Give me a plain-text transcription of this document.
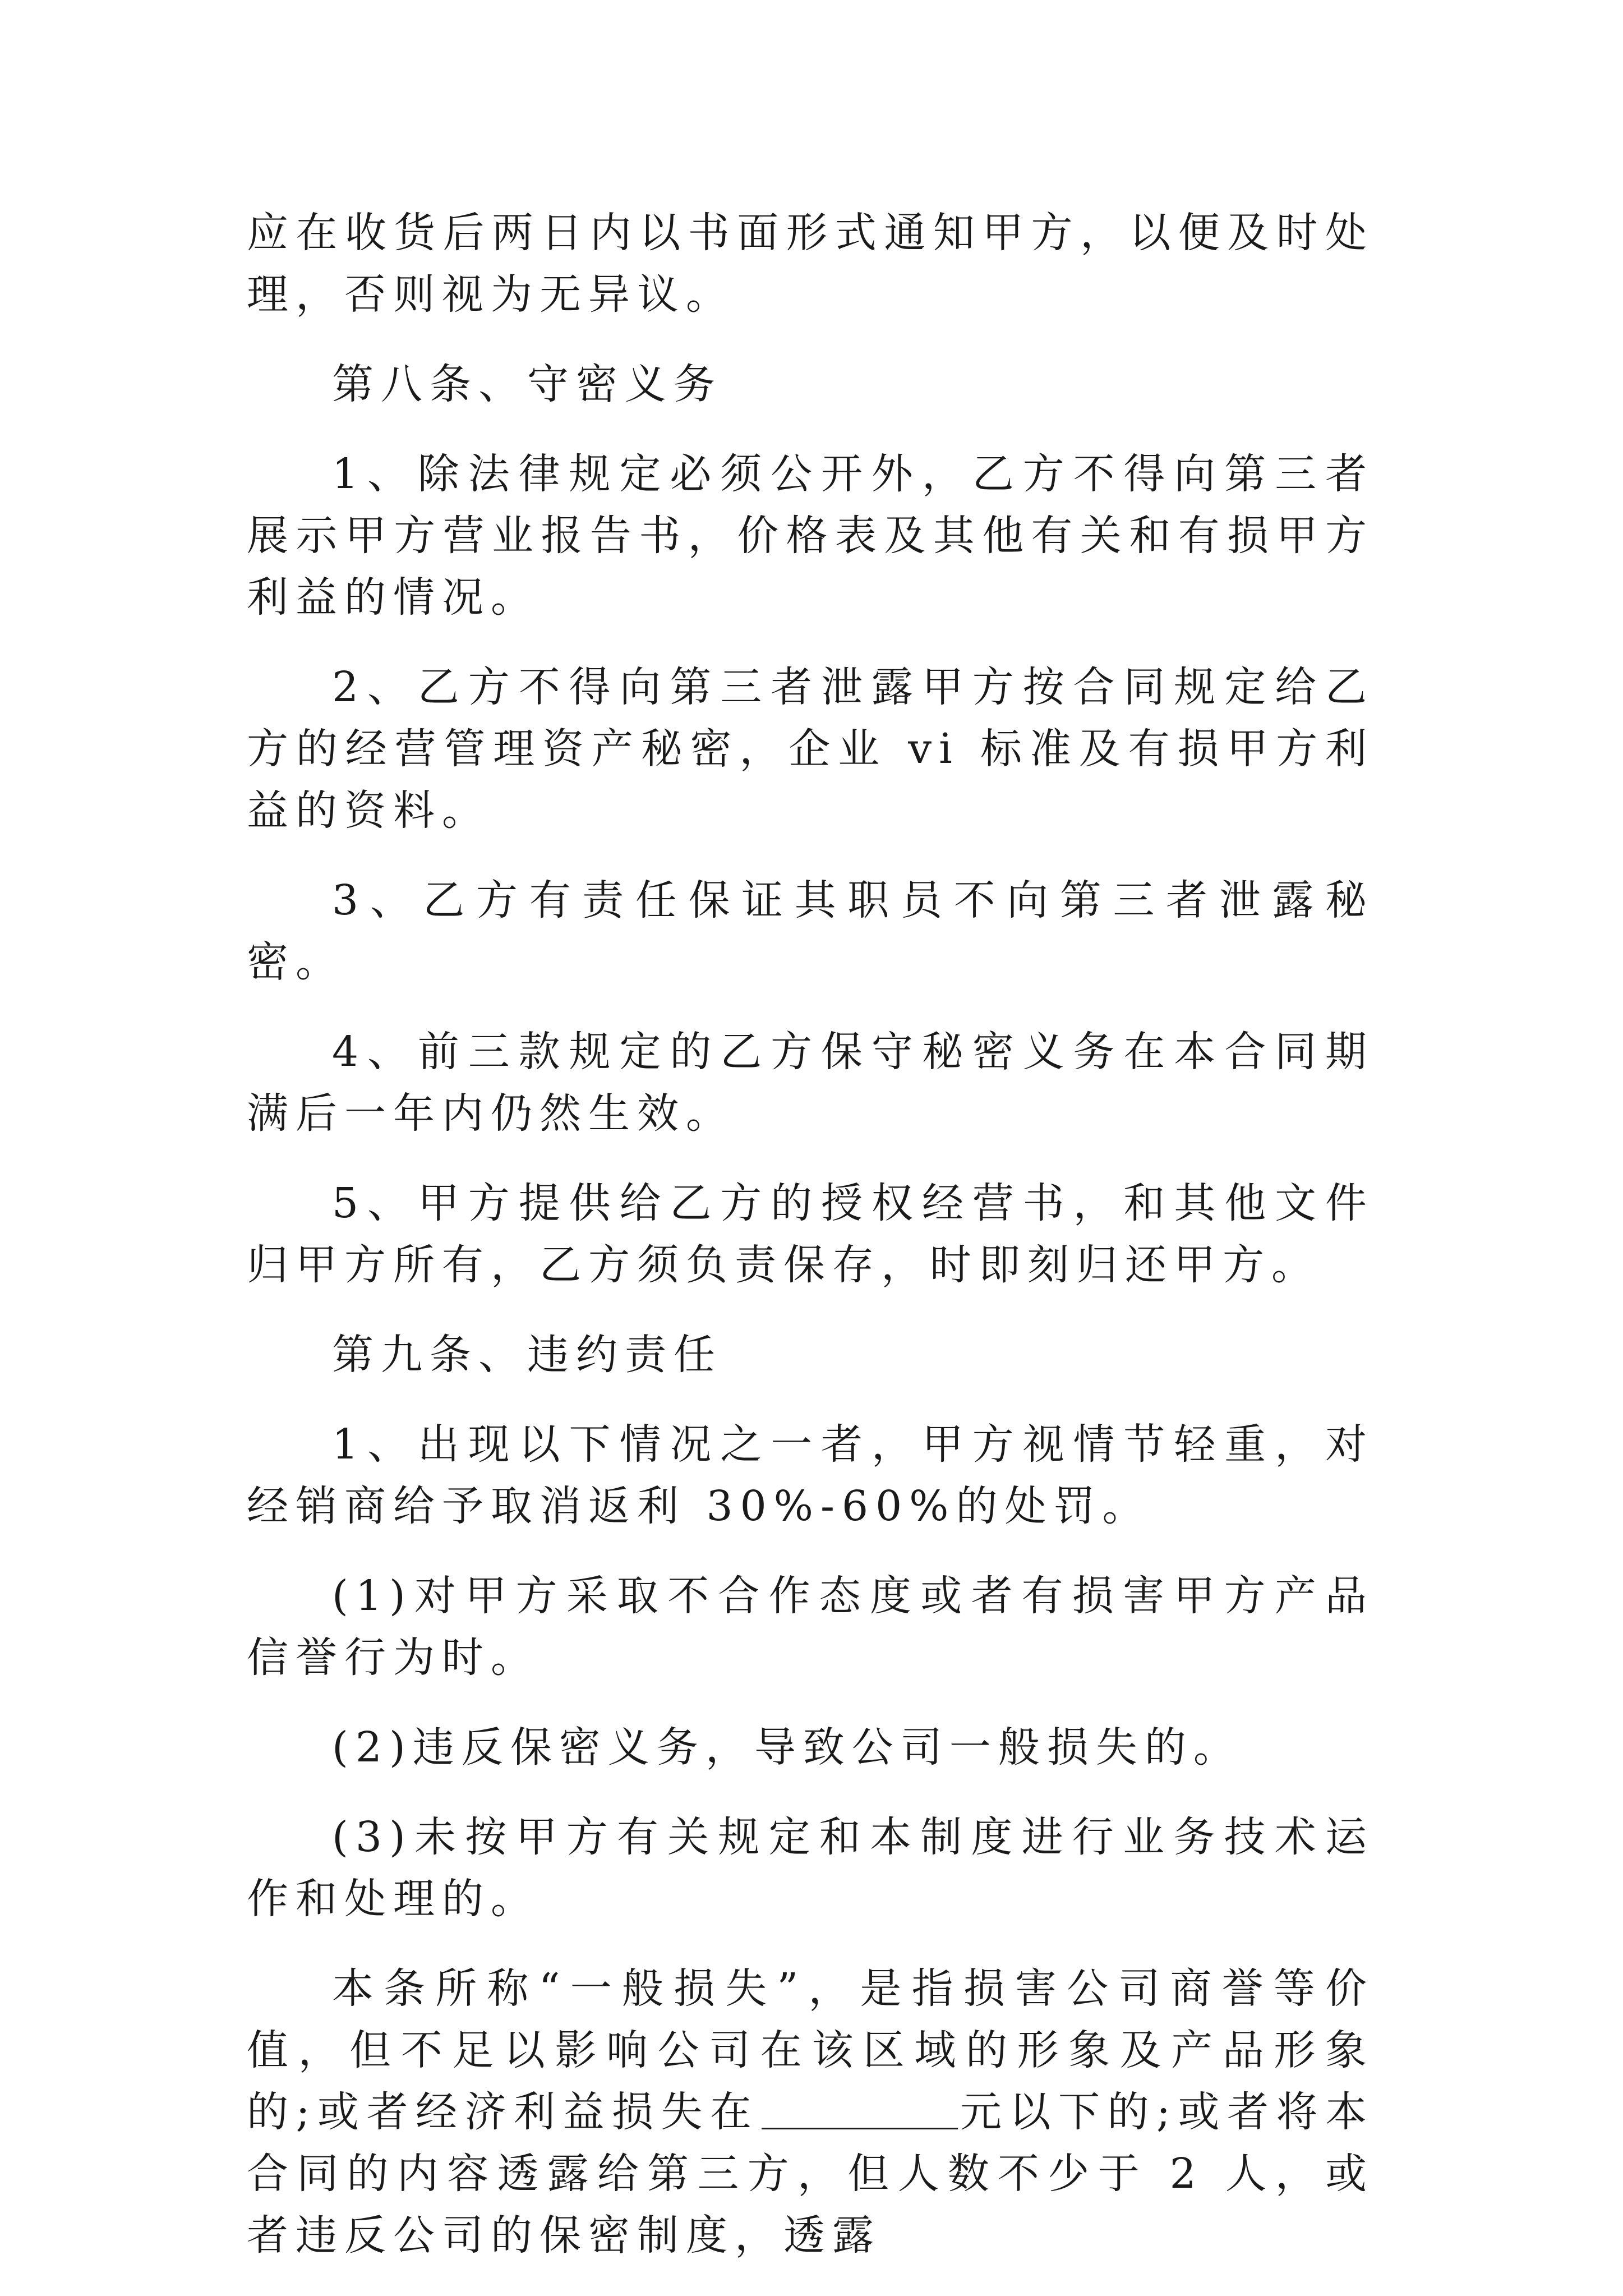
应在收货后两日内以书面形式通知甲方，以便及时处理，否则视为无异议。

第八条、守密义务

1、除法律规定必须公开外，乙方不得向第三者展示甲方营业报告书，价格表及其他有关和有损甲方利益的情况。

2、乙方不得向第三者泄露甲方按合同规定给乙方的经营管理资产秘密，企业 vi 标准及有损甲方利益的资料。

3、乙方有责任保证其职员不向第三者泄露秘密。

4、前三款规定的乙方保守秘密义务在本合同期满后一年内仍然生效。

5、甲方提供给乙方的授权经营书，和其他文件归甲方所有，乙方须负责保存，时即刻归还甲方。

第九条、违约责任

1、出现以下情况之一者，甲方视情节轻重，对经销商给予取消返利 30%-60%的处罚。

(1)对甲方采取不合作态度或者有损害甲方产品信誉行为时。

(2)违反保密义务，导致公司一般损失的。

(3)未按甲方有关规定和本制度进行业务技术运作和处理的。

本条所称“一般损失”，是指损害公司商誉等价值，但不足以影响公司在该区域的形象及产品形象的;或者经济利益损失在	元以下的;或者将本合同的内容透露给第三方，但人数不少于 2 人，或者违反公司的保密制度，透露
